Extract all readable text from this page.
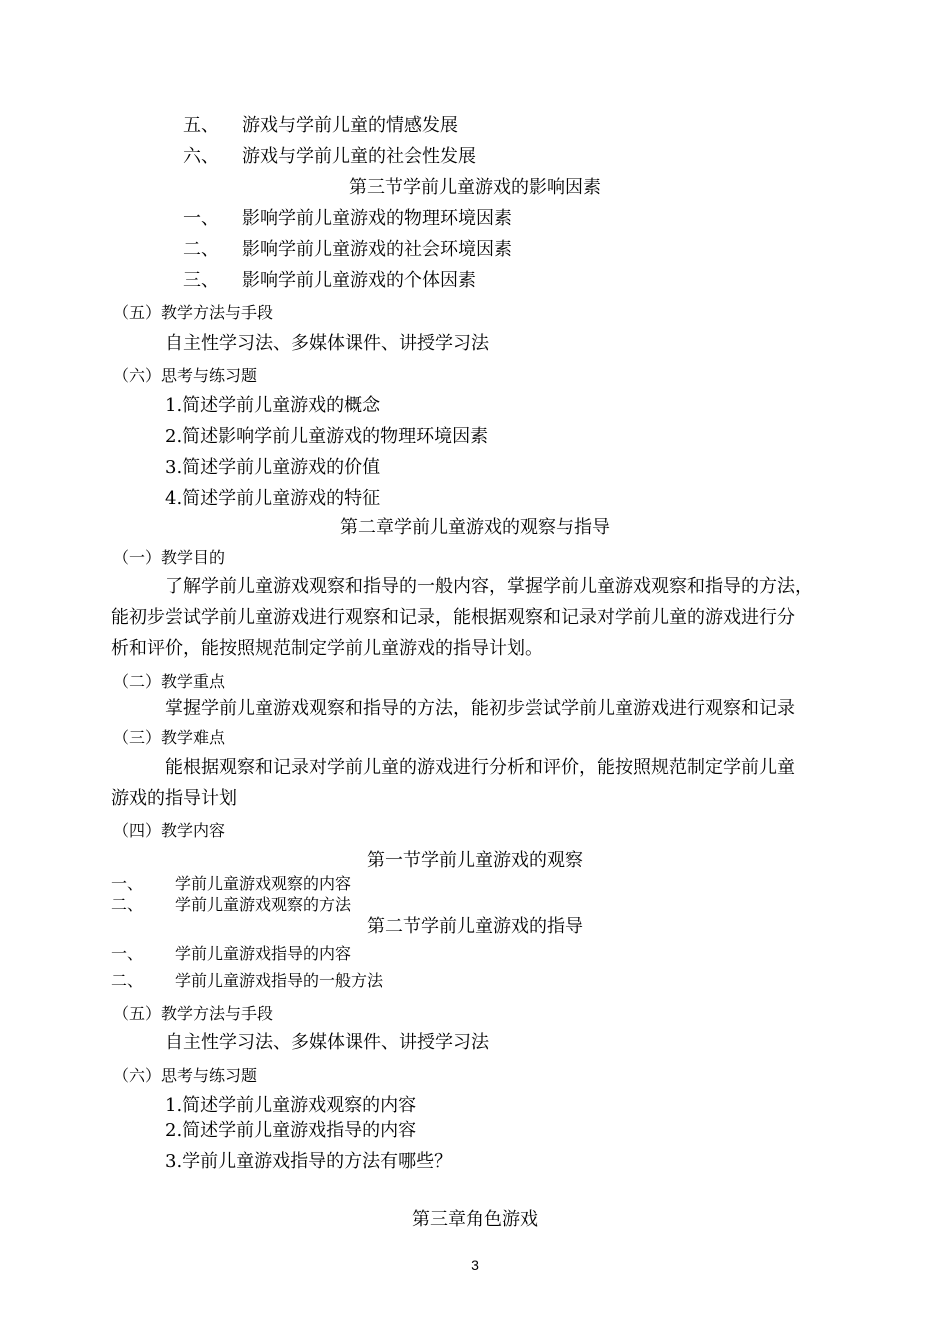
五、 游戏与学前儿童的情感发展
六、 游戏与学前儿童的社会性发展
第三节学前儿童游戏的影响因素
一、 影响学前儿童游戏的物理环境因素
二、 影响学前儿童游戏的社会环境因素
三、 影响学前儿童游戏的个体因素
（五）教学方法与手段
自主性学习法、多媒体课件、讲授学习法
（六）思考与练习题
1.简述学前儿童游戏的概念
2.简述影响学前儿童游戏的物理环境因素
3.简述学前儿童游戏的价值
4.简述学前儿童游戏的特征
第二章学前儿童游戏的观察与指导
（一）教学目的
了解学前儿童游戏观察和指导的一般内容，掌握学前儿童游戏观察和指导的方法，
能初步尝试学前儿童游戏进行观察和记录，能根据观察和记录对学前儿童的游戏进行分
析和评价，能按照规范制定学前儿童游戏的指导计划。
（二）教学重点
掌握学前儿童游戏观察和指导的方法，能初步尝试学前儿童游戏进行观察和记录
（三）教学难点
能根据观察和记录对学前儿童的游戏进行分析和评价，能按照规范制定学前儿童
游戏的指导计划
（四）教学内容
第一节学前儿童游戏的观察
一、 学前儿童游戏观察的内容
二、 学前儿童游戏观察的方法
第二节学前儿童游戏的指导
一、 学前儿童游戏指导的内容
二、 学前儿童游戏指导的一般方法
（五）教学方法与手段
自主性学习法、多媒体课件、讲授学习法
（六）思考与练习题
1.简述学前儿童游戏观察的内容
2.简述学前儿童游戏指导的内容
3.学前儿童游戏指导的方法有哪些？
第三章角色游戏
3
